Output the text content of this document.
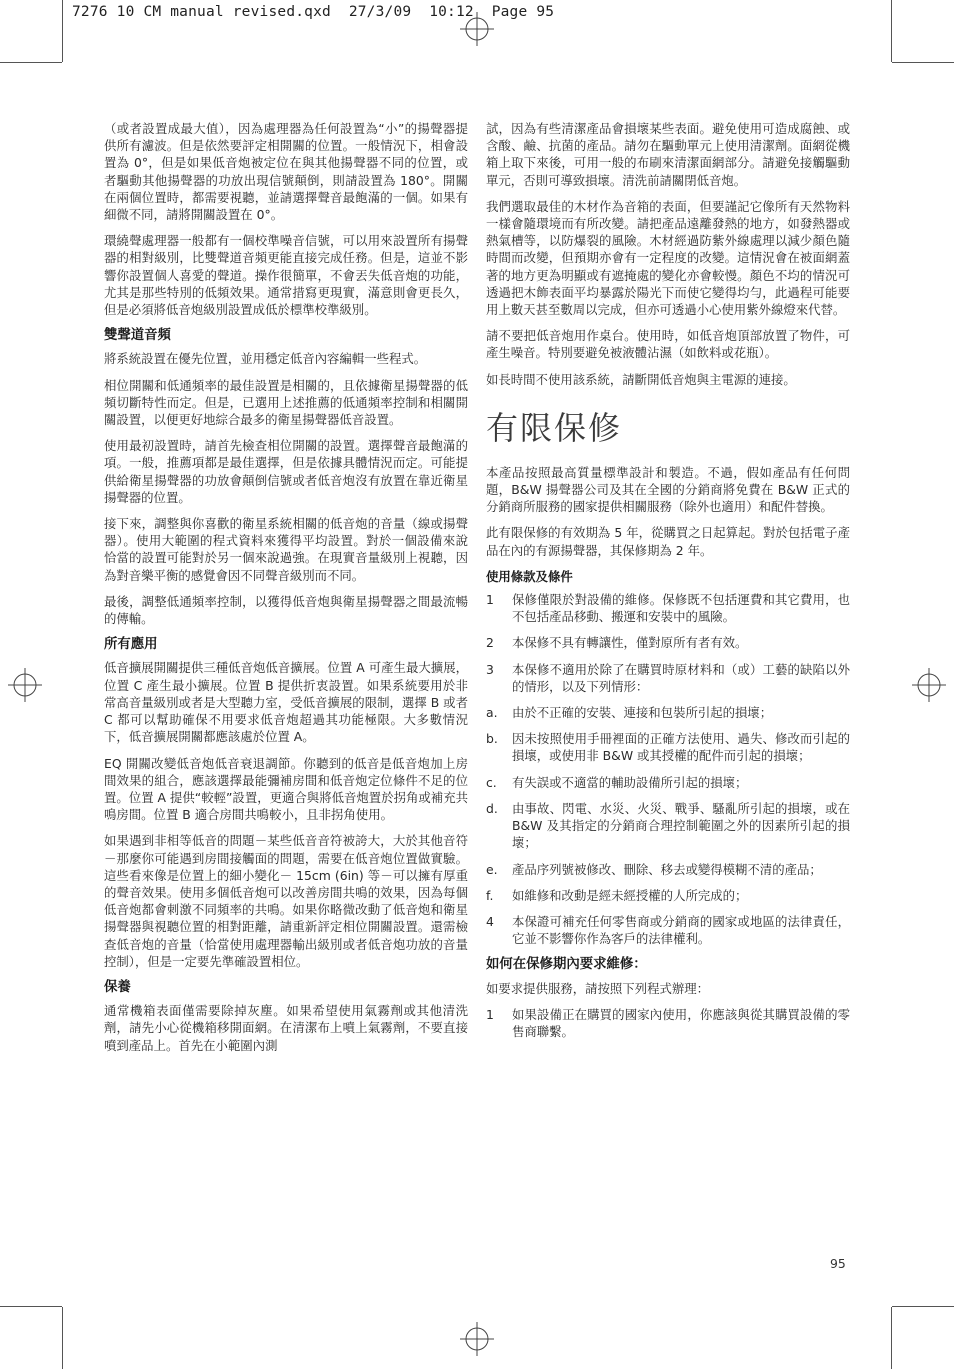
7276 10 CM manual revised.qxd  27/3/09  10:12  Page 95

（或者設置成最大值），因為處理器為任何設置為“小”的揚聲器提供所有濾波。但是依然要評定相開關的位置。一般情況下，相會設置為 0°，但是如果低音炮被定位在與其他揚聲器不同的位置，或者驅動其他揚聲器的功放出現信號顛倒，則請設置為 180°。開關在兩個位置時，都需要視聽，並請選擇聲音最飽滿的一個。如果有細微不同，請將開關設置在 0°。

環繞聲處理器一般都有一個校準噪音信號，可以用來設置所有揚聲器的相對級別，比雙聲道音頻更能直接完成任務。但是，這並不影響你設置個人喜愛的聲道。操作很簡單，不會丟失低音炮的功能，尤其是那些特別的低頻效果。通常措寫更現實，滿意則會更長久，但是必須將低音炮級別設置成低於標準校準級別。

雙聲道音頻

將系統設置在優先位置，並用穩定低音內容編輯一些程式。

相位開關和低通頻率的最佳設置是相關的，且依據衛星揚聲器的低頻切斷特性而定。但是，已選用上述推薦的低通頻率控制和相關開關設置，以便更好地綜合最多的衛星揚聲器低音設置。

使用最初設置時，請首先檢查相位開關的設置。選擇聲音最飽滿的項。一般，推薦項都是最佳選擇，但是依據具體情況而定。可能提供給衛星揚聲器的功放會顛倒信號或者低音炮沒有放置在靠近衛星揚聲器的位置。

接下來，調整與你喜歡的衛星系統相關的低音炮的音量（線或揚聲器）。使用大範圍的程式資料來獲得平均設置。對於一個設備來說恰當的設置可能對於另一個來說過強。在現實音量級別上視聽，因為對音樂平衡的感覺會因不同聲音級別而不同。

最後，調整低通頻率控制，以獲得低音炮與衛星揚聲器之間最流暢的傳輸。

所有應用

低音擴展開關提供三種低音炮低音擴展。位置 A 可產生最大擴展，位置 C 產生最小擴展。位置 B 提供折衷設置。如果系統要用於非常高音量級別或者是大型聽力室，受低音擴展的限制，選擇 B 或者 C 都可以幫助確保不用要求低音炮超過其功能極限。大多數情況下，低音擴展開關都應該處於位置 A。

EQ 開關改變低音炮低音衰退調節。你聽到的低音是低音炮加上房間效果的組合，應該選擇最能彌補房間和低音炮定位條件不足的位置。位置 A 提供“較輕”設置，更適合與將低音炮置於拐角或補充共鳴房間。位置 B 適合房間共鳴較小，且非拐角使用。

如果遇到非相等低音的問題－某些低音音符被誇大，大於其他音符－那麼你可能遇到房間接觸面的問題，需要在低音炮位置做實驗。這些看來像是位置上的細小變化－ 15cm (6in) 等－可以擁有厚重的聲音效果。使用多個低音炮可以改善房間共鳴的效果，因為每個低音炮都會刺激不同頻率的共鳴。如果你略微改動了低音炮和衛星揚聲器與視聽位置的相對距離，請重新評定相位開關設置。還需檢查低音炮的音量（恰當使用處理器輸出級別或者低音炮功放的音量控制），但是一定要先準確設置相位。

保養

通常機箱表面僅需要除掉灰塵。如果希望使用氣霧劑或其他清洗劑，請先小心從機箱移開面網。在清潔布上噴上氣霧劑，不要直接噴到產品上。首先在小範圍內測

試，因為有些清潔產品會損壞某些表面。避免使用可造成腐蝕、或含酸、鹼、抗菌的產品。請勿在驅動單元上使用清潔劑。面網從機箱上取下來後，可用一般的布刷來清潔面網部分。請避免接觸驅動單元，否則可導致損壞。清洗前請關閉低音炮。

我們選取最佳的木材作為音箱的表面，但要謹記它像所有天然物料一樣會隨環境而有所改變。請把產品遠離發熱的地方，如發熱器或熱氣槽等，以防爆裂的風險。木材經過防紫外線處理以減少顏色隨時間而改變，但預期亦會有一定程度的改變。這情況會在被面網蓋著的地方更為明顯或有遮掩處的變化亦會較慢。顏色不均的情況可透過把木飾表面平均暴露於陽光下而使它變得均勻，此過程可能要用上數天甚至數周以完成，但亦可透過小心使用紫外線燈來代替。

請不要把低音炮用作桌台。使用時，如低音炮頂部放置了物件，可產生噪音。特別要避免被液體沾濕（如飲料或花瓶）。

如長時間不使用該系統，請斷開低音炮與主電源的連接。

有限保修

本產品按照最高質量標準設計和製造。不過，假如產品有任何問題，B&W 揚聲器公司及其在全國的分銷商將免費在 B&W 正式的分銷商所服務的國家提供相關服務（除外也適用）和配件替換。

此有限保修的有效期為 5 年，從購買之日起算起。對於包括電子產品在內的有源揚聲器，其保修期為 2 年。

使用條款及條件
1	保修僅限於對設備的維修。保修既不包括運費和其它費用，也不包括產品移動、搬運和安裝中的風險。
2	本保修不具有轉讓性，僅對原所有者有效。
3	本保修不適用於除了在購買時原材料和（或）工藝的缺陷以外的情形，以及下列情形：
a.	由於不正確的安裝、連接和包裝所引起的損壞；
b.	因未按照使用手冊裡面的正確方法使用、過失、修改而引起的損壞，或使用非 B&W 或其授權的配件而引起的損壞；
c.	有失誤或不適當的輔助設備所引起的損壞；
d.	由事故、閃電、水災、火災、戰爭、騷亂所引起的損壞，或在 B&W 及其指定的分銷商合理控制範圍之外的因素所引起的損壞；
e.	產品序列號被修改、刪除、移去或變得模糊不清的產品；
f.	如維修和改動是經未經授權的人所完成的；
4	本保證可補充任何零售商或分銷商的國家或地區的法律責任，它並不影響你作為客戶的法律權利。
如何在保修期內要求維修：

如要求提供服務，請按照下列程式辦理：

1	如果設備正在購買的國家內使用，你應該與從其購買設備的零售商聯繫。
95
